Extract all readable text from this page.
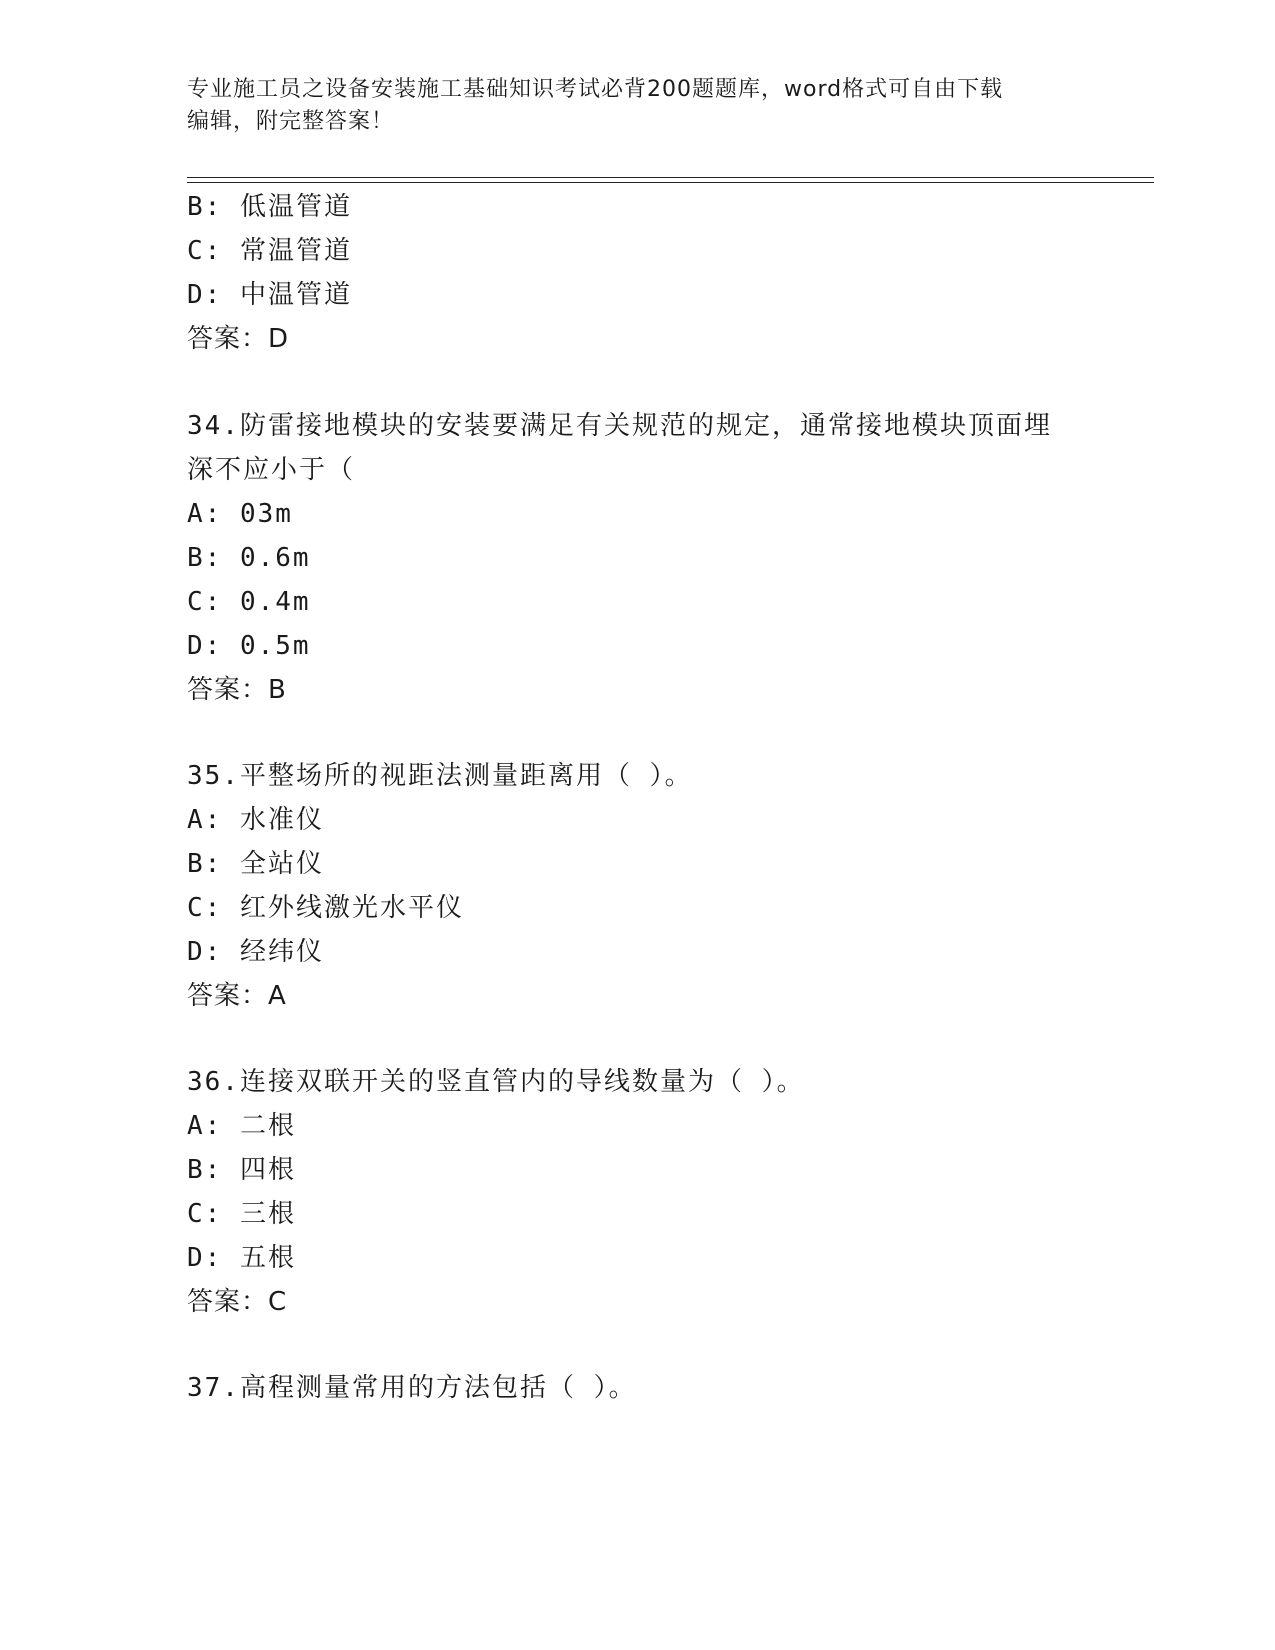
专业施工员之设备安装施工基础知识考试必背200题题库，word格式可自由下载
编辑，附完整答案！
B: 低温管道
C: 常温管道
D: 中温管道
答案：D
34.防雷接地模块的安装要满足有关规范的规定，通常接地模块顶面埋
深不应小于（
A: 03m
B: 0.6m
C: 0.4m
D: 0.5m
答案：B
35.平整场所的视距法测量距离用（ ）。
A: 水准仪
B: 全站仪
C: 红外线激光水平仪
D: 经纬仪
答案：A
36.连接双联开关的竖直管内的导线数量为（ ）。
A: 二根
B: 四根
C: 三根
D: 五根
答案：C
37.高程测量常用的方法包括（ ）。
